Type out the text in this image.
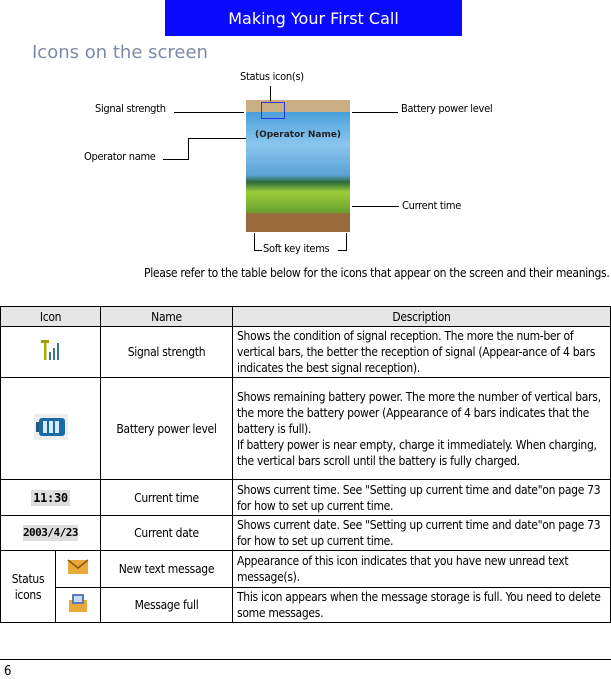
Making Your First Call
Icons on the screen
(Operator Name)
Status icon(s)
Signal strength	Battery power level
Operator name
Current time
Soft key items
Please refer to the table below for the icons that appear on the screen and their meanings.
Icon		Name	Description
	Signal strength	Shows the condition of signal reception. The more the num-ber of vertical bars, the better the reception of signal (Appear-ance of 4 bars indicates the best signal reception).
	Battery power level	Shows remaining battery power. The more the number of vertical bars, the more the battery power (Appearance of 4 bars indicates that the battery is full).
If battery power is near empty, charge it immediately. When charging, the vertical bars scroll until the battery is fully charged.

11:30		Current time	Shows current time. See "Setting up current time and date"on page 73 for how to set up current time.
2003/4/23		Current date	Shows current date. See "Setting up current time and date"on page 73 for how to set up current time.
Status icons		New text message	Appearance of this icon indicates that you have new unread text message(s).
	Message full	This icon appears when the message storage is full. You need to delete some messages.
6
